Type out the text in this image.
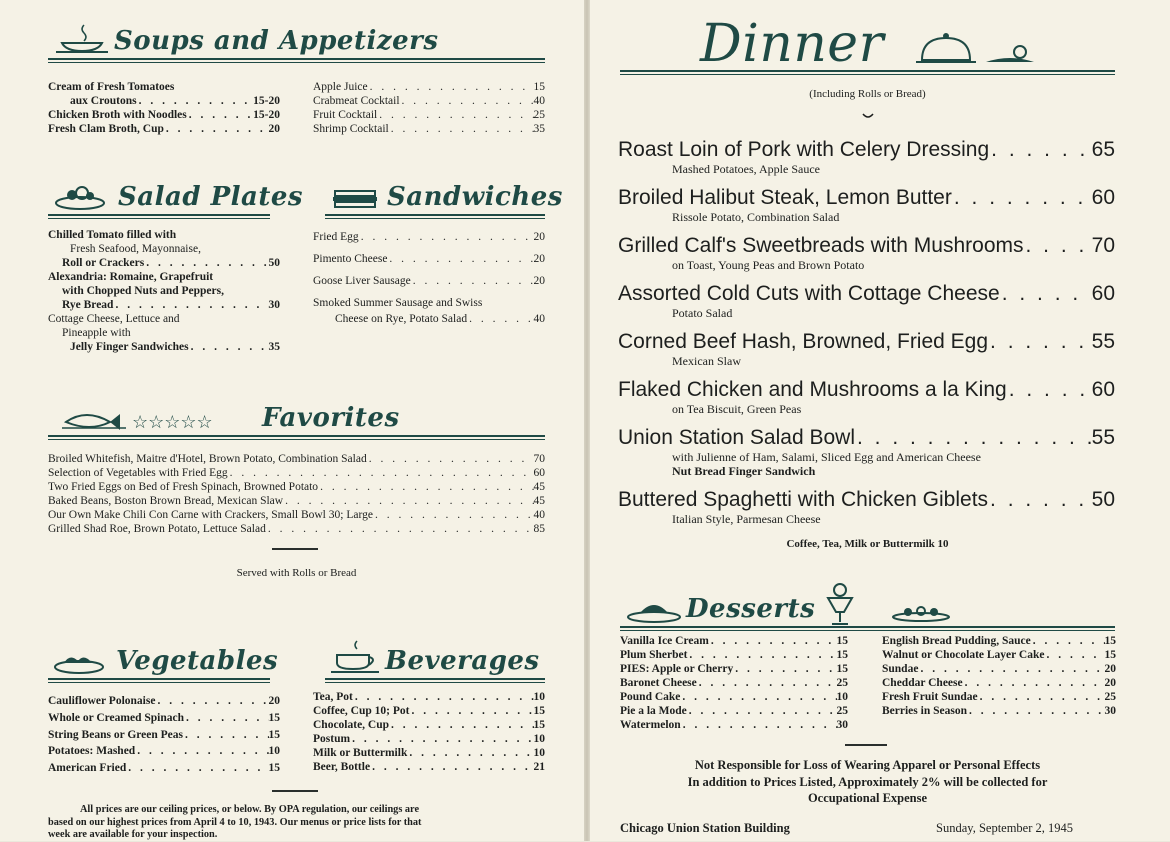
Soups and Appetizers
Cream of Fresh Tomatoes
aux Croutons . . .	15-20
Chicken Broth with Noodles . . .	15-20
Fresh Clam Broth, Cup . . .	20
Apple Juice . . .	15
Crabmeat Cocktail . . .	40
Fruit Cocktail . . .	25
Shrimp Cocktail . . .	35
Salad Plates
Chilled Tomato filled with
Fresh Seafood, Mayonnaise,
Roll or Crackers . . .	50
Alexandria: Romaine, Grapefruit
with Chopped Nuts and Peppers,
Rye Bread . . .	30
Cottage Cheese, Lettuce and
Pineapple with
Jelly Finger Sandwiches . . .	35
Sandwiches
Fried Egg . . .	20
Pimento Cheese . . .	20
Goose Liver Sausage . . .	20
Smoked Summer Sausage and Swiss
Cheese on Rye, Potato Salad . . .	40
☆☆☆☆☆ Favorites
Broiled Whitefish, Maitre d'Hotel, Brown Potato, Combination Salad . . .	70
Selection of Vegetables with Fried Egg . . .	60
Two Fried Eggs on Bed of Fresh Spinach, Browned Potato . . .	45
Baked Beans, Boston Brown Bread, Mexican Slaw . . .	45
Our Own Make Chili Con Carne with Crackers, Small Bowl 30; Large . . .	40
Grilled Shad Roe, Brown Potato, Lettuce Salad . . .	85
Served with Rolls or Bread
Vegetables
Cauliflower Polonaise . . .	20
Whole or Creamed Spinach . . .	15
String Beans or Green Peas . . .	15
Potatoes: Mashed . . .	10
American Fried . . .	15
Beverages
Tea, Pot . . .	10
Coffee, Cup 10; Pot . . .	15
Chocolate, Cup . . .	15
Postum . . .	10
Milk or Buttermilk . . .	10
Beer, Bottle . . .	21
All prices are our ceiling prices, or below. By OPA regulation, our ceilings are
based on our highest prices from April 4 to 10, 1943. Our menus or price lists for that
week are available for your inspection.
Dinner
(Including Rolls or Bread)
Roast Loin of Pork with Celery Dressing . . .	65
Mashed Potatoes, Apple Sauce
Broiled Halibut Steak, Lemon Butter . . .	60
Rissole Potato, Combination Salad
Grilled Calf's Sweetbreads with Mushrooms . . .	70
on Toast, Young Peas and Brown Potato
Assorted Cold Cuts with Cottage Cheese . . .	60
Potato Salad
Corned Beef Hash, Browned, Fried Egg . . .	55
Mexican Slaw
Flaked Chicken and Mushrooms a la King . . .	60
on Tea Biscuit, Green Peas
Union Station Salad Bowl . . .	55
with Julienne of Ham, Salami, Sliced Egg and American Cheese
Nut Bread Finger Sandwich
Buttered Spaghetti with Chicken Giblets . . .	50
Italian Style, Parmesan Cheese
Coffee, Tea, Milk or Buttermilk 10
Desserts
Vanilla Ice Cream . . .	15
Plum Sherbet . . .	15
PIES: Apple or Cherry . . .	15
Baronet Cheese . . .	25
Pound Cake . . .	10
Pie a la Mode . . .	25
Watermelon . . .	30
English Bread Pudding, Sauce . . .	15
Walnut or Chocolate Layer Cake . . .	15
Sundae . . .	20
Cheddar Cheese . . .	20
Fresh Fruit Sundae . . .	25
Berries in Season . . .	30
Not Responsible for Loss of Wearing Apparel or Personal Effects
In addition to Prices Listed, Approximately 2% will be collected for
Occupational Expense
Chicago Union Station Building	Sunday, September 2, 1945
